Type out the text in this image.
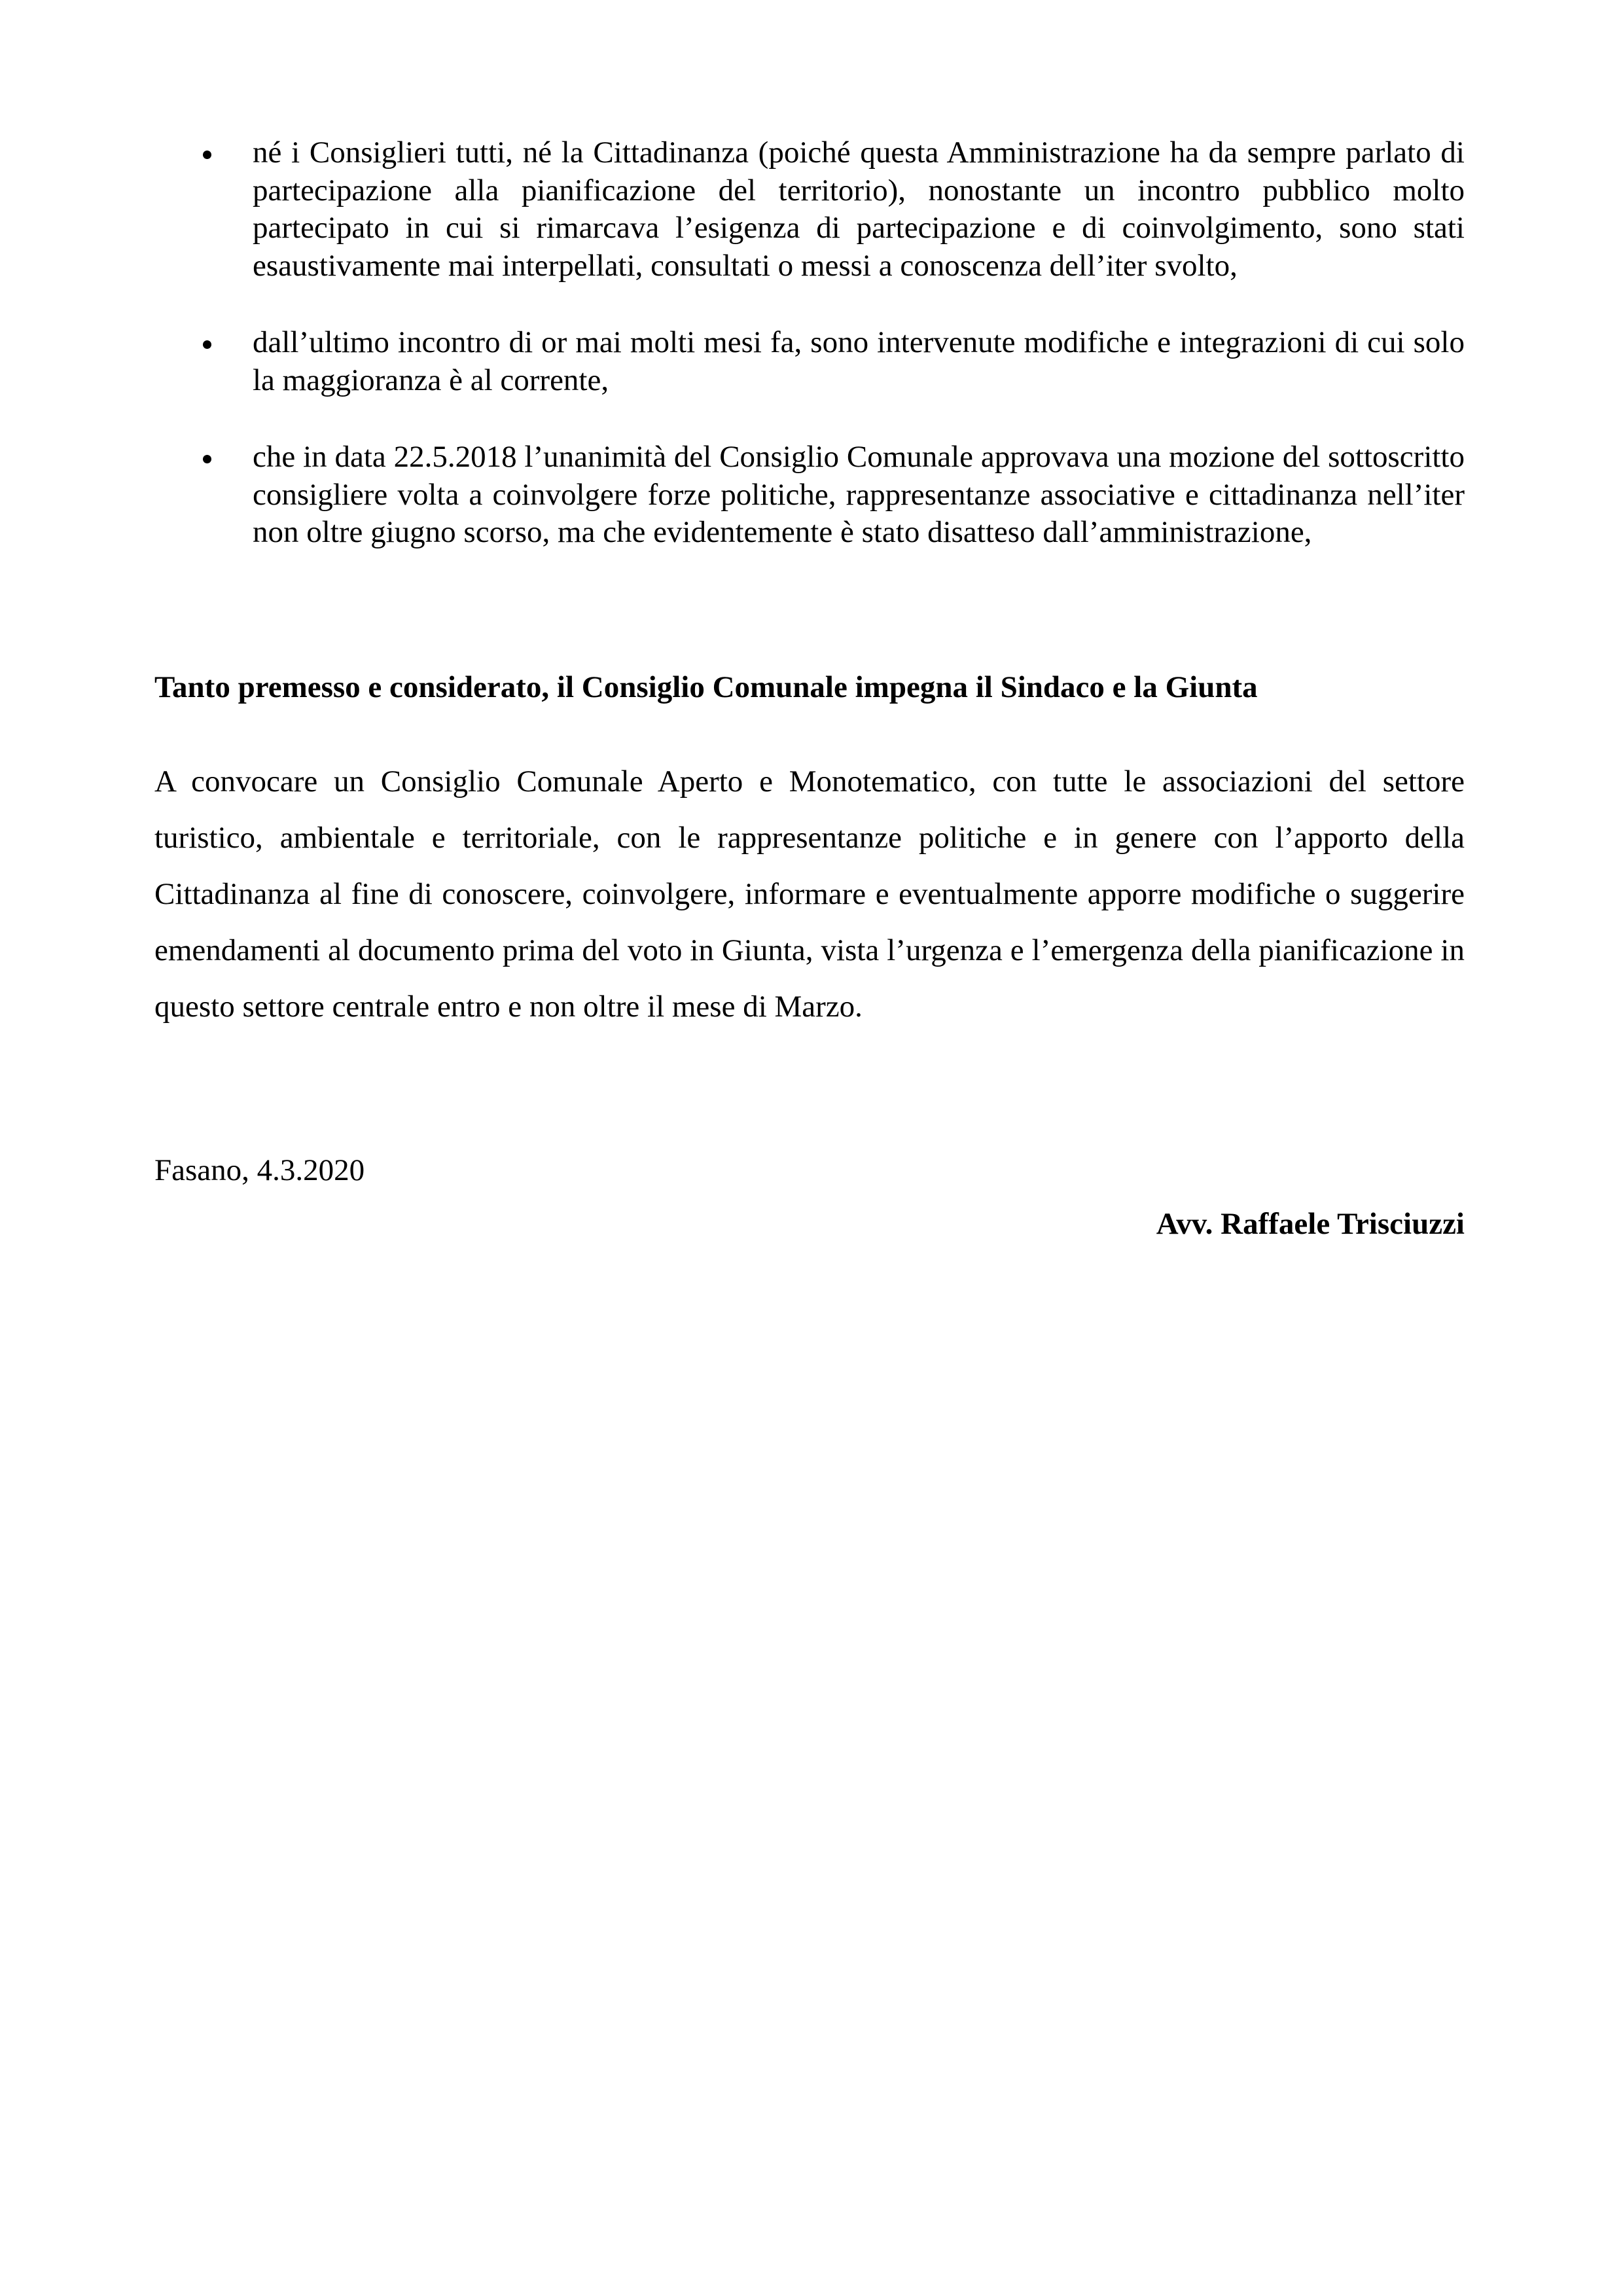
né i Consiglieri tutti, né la Cittadinanza (poiché questa Amministrazione ha da sempre parlato di partecipazione alla pianificazione del territorio), nonostante un incontro pubblico molto partecipato in cui si rimarcava l’esigenza di partecipazione e di coinvolgimento, sono stati esaustivamente mai interpellati, consultati o messi a conoscenza dell’iter svolto,
dall’ultimo incontro di or mai molti mesi fa, sono intervenute modifiche e integrazioni di cui solo la maggioranza è al corrente,
che in data 22.5.2018 l’unanimità del Consiglio Comunale approvava una mozione del sottoscritto consigliere volta a coinvolgere forze politiche, rappresentanze associative e cittadinanza nell’iter non oltre giugno scorso, ma che evidentemente è stato disatteso dall’amministrazione,

Tanto premesso e considerato, il Consiglio Comunale impegna il Sindaco e la Giunta

A convocare un Consiglio Comunale Aperto e Monotematico, con tutte le associazioni del settore turistico, ambientale e territoriale, con le rappresentanze politiche e in genere con l’apporto della Cittadinanza al fine di conoscere, coinvolgere, informare e eventualmente apporre modifiche o suggerire emendamenti al documento prima del voto in Giunta, vista l’urgenza e l’emergenza della pianificazione in questo settore centrale entro e non oltre il mese di Marzo.

Fasano, 4.3.2020

Avv. Raffaele Trisciuzzi
